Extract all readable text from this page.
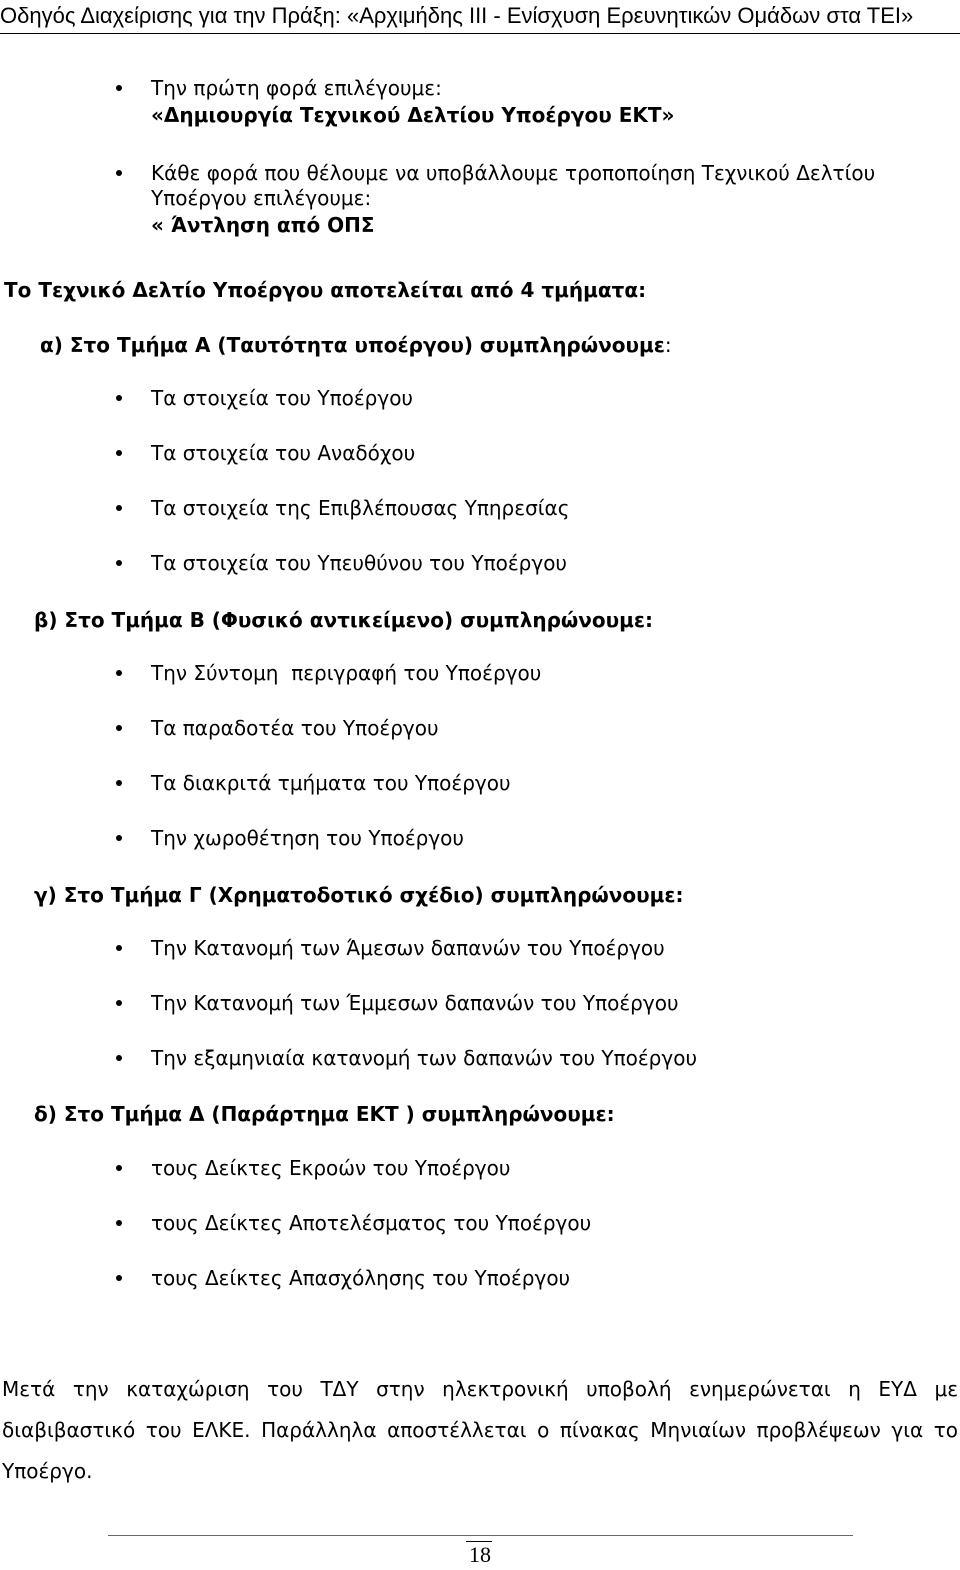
Οδηγός Διαχείρισης για την Πράξη: «Αρχιμήδης ΙΙΙ - Ενίσχυση Ερευνητικών Ομάδων στα ΤΕΙ»
Την πρώτη φορά επιλέγουμε:
«Δημιουργία Τεχνικού Δελτίου Υποέργου ΕΚΤ»
Κάθε φορά που θέλουμε να υποβάλλουμε τροποποίηση Τεχνικού Δελτίου
Υποέργου επιλέγουμε:
« Άντληση από ΟΠΣ
Το Τεχνικό Δελτίο Υποέργου αποτελείται από 4 τμήματα:
α) Στο Τμήμα Α (Ταυτότητα υποέργου) συμπληρώνουμε:
Τα στοιχεία του Υποέργου
Τα στοιχεία του Αναδόχου
Τα στοιχεία της Επιβλέπουσας Υπηρεσίας
Τα στοιχεία του Υπευθύνου του Υποέργου
β) Στο Τμήμα Β (Φυσικό αντικείμενο) συμπληρώνουμε:
Την Σύντομη  περιγραφή του Υποέργου
Τα παραδοτέα του Υποέργου
Τα διακριτά τμήματα του Υποέργου
Την χωροθέτηση του Υποέργου
γ) Στο Τμήμα Γ (Χρηματοδοτικό σχέδιο) συμπληρώνουμε:
Την Κατανομή των Άμεσων δαπανών του Υποέργου
Την Κατανομή των Έμμεσων δαπανών του Υποέργου
Την εξαμηνιαία κατανομή των δαπανών του Υποέργου
δ) Στο Τμήμα Δ (Παράρτημα ΕΚΤ ) συμπληρώνουμε:
τους Δείκτες Εκροών του Υποέργου
τους Δείκτες Αποτελέσματος του Υποέργου
τους Δείκτες Απασχόλησης του Υποέργου
Μετά την καταχώριση του ΤΔΥ στην ηλεκτρονική υποβολή ενημερώνεται η ΕΥΔ με
διαβιβαστικό του ΕΛΚΕ. Παράλληλα αποστέλλεται ο πίνακας Μηνιαίων προβλέψεων για το
Υποέργο.
18
